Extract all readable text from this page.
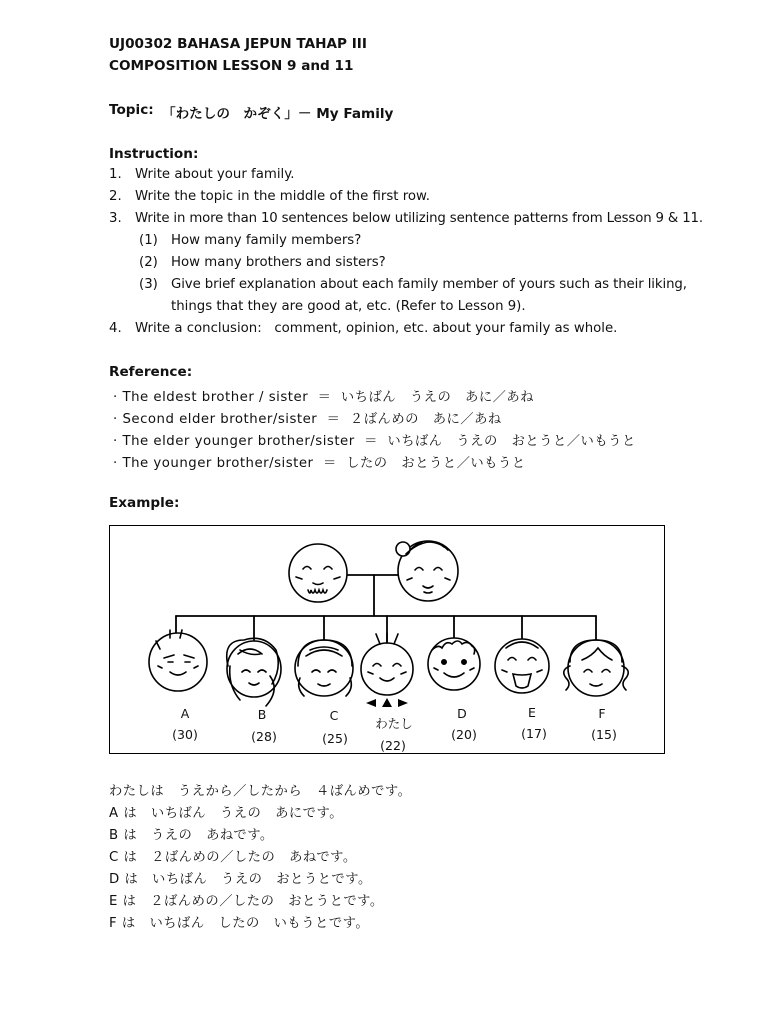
UJ00302 BAHASA JEPUN TAHAP III
COMPOSITION LESSON 9 and 11
Topic: 「わたしの　かぞく」－ My Family
Instruction:
1.	Write about your family.
2.	Write the topic in the middle of the first row.
3.	Write in more than 10 sentences below utilizing sentence patterns from Lesson 9 & 11.
(1) How many family members?
(2) How many brothers and sisters?
(3) Give brief explanation about each family member of yours such as their liking,
things that they are good at, etc. (Refer to Lesson 9).
4.	Write a conclusion:   comment, opinion, etc. about your family as whole.
Reference:
· The eldest brother / sister  ＝  いちばん　うえの　あに／あね
· Second elder brother/sister  ＝  ２ばんめの　あに／あね
· The elder younger brother/sister  ＝  いちばん　うえの　おとうと／いもうと
· The younger brother/sister  ＝  したの　おとうと／いもうと
Example:
A
(30)
B
(28)
C
(25)
わたし
(22)
D
(20)
E
(17)
F
(15)
わたしは　うえから／したから　４ばんめです。
A は　いちばん　うえの　あにです。
B は　うえの　あねです。
C は　２ばんめの／したの　あねです。
D は　いちばん　うえの　おとうとです。
E は　２ばんめの／したの　おとうとです。
F は　いちばん　したの　いもうとです。
